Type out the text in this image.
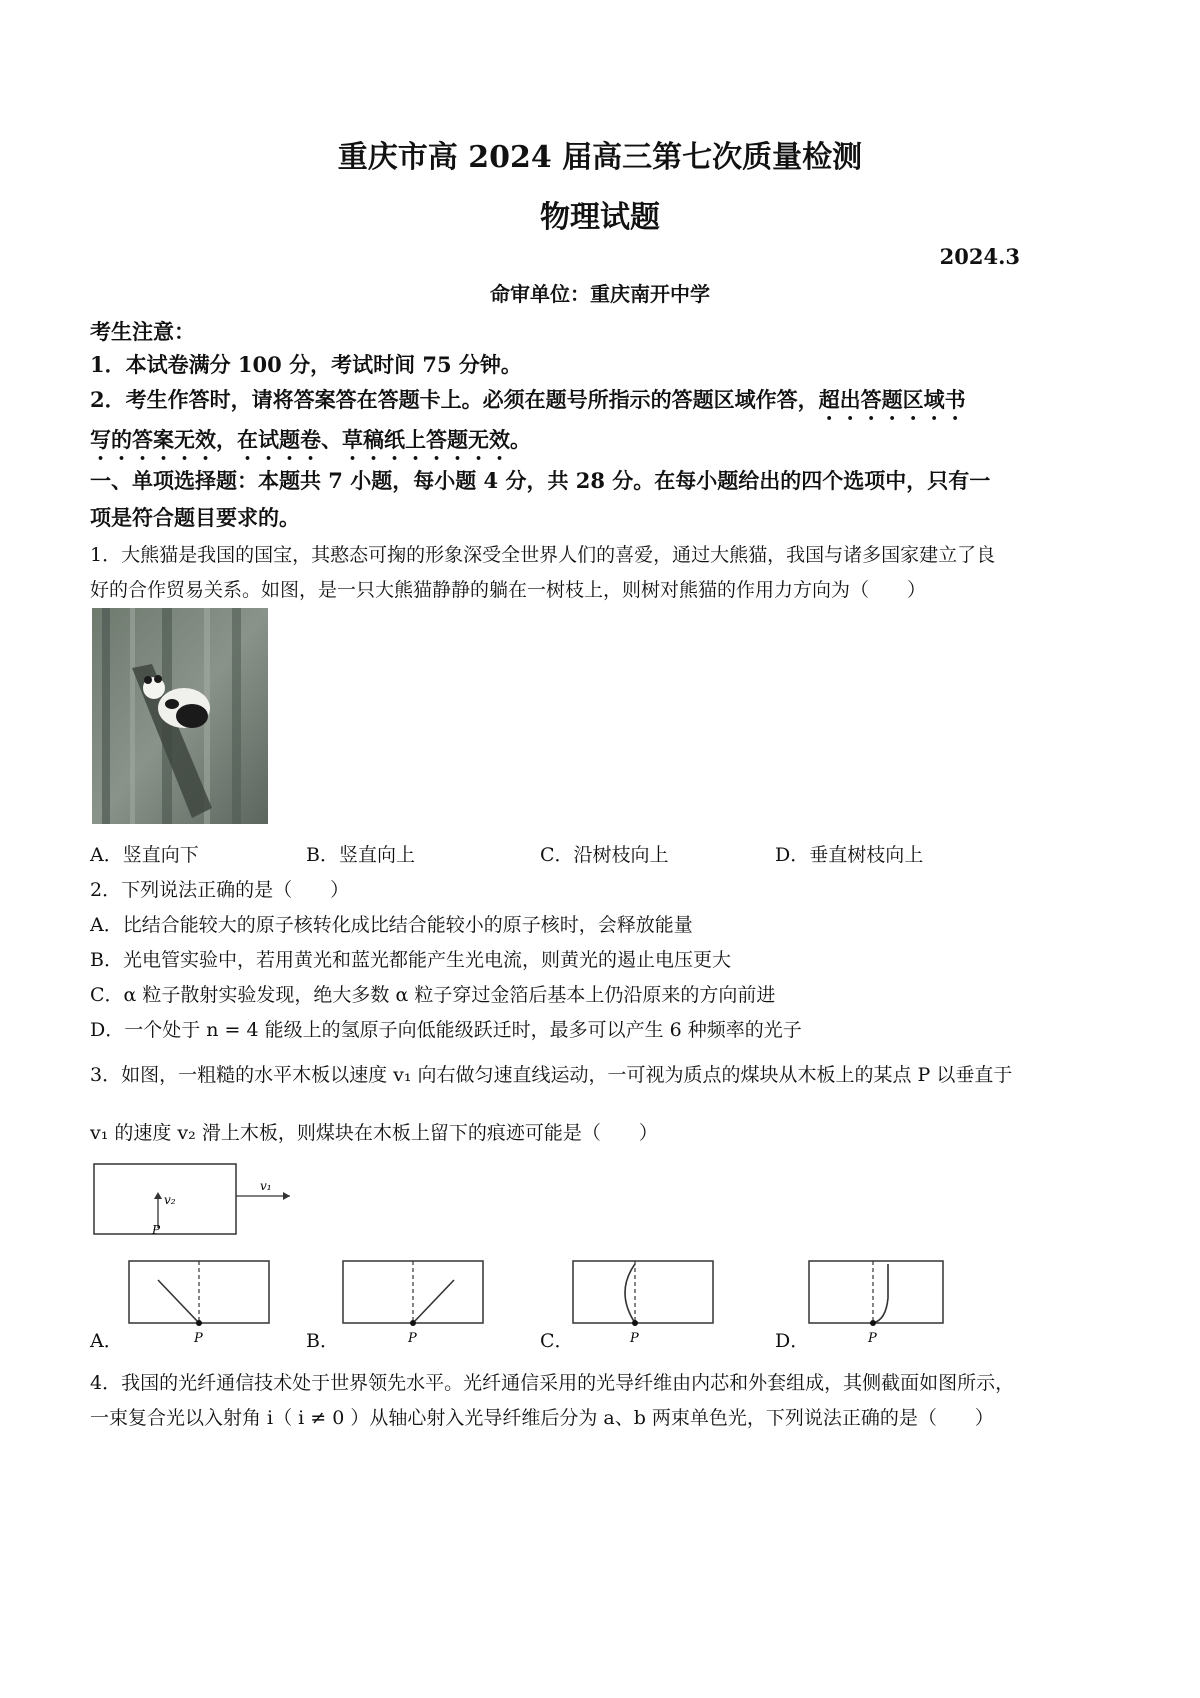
重庆市高 2024 届高三第七次质量检测
物理试题
2024.3
命审单位：重庆南开中学
考生注意：
1．本试卷满分 100 分，考试时间 75 分钟。
2．考生作答时，请将答案答在答题卡上。必须在题号所指示的答题区域作答，超出答题区域书
写的答案无效，在试题卷、草稿纸上答题无效。
一、单项选择题：本题共 7 小题，每小题 4 分，共 28 分。在每小题给出的四个选项中，只有一
项是符合题目要求的。
1．大熊猫是我国的国宝，其憨态可掬的形象深受全世界人们的喜爱，通过大熊猫，我国与诸多国家建立了良
好的合作贸易关系。如图，是一只大熊猫静静的躺在一树枝上，则树对熊猫的作用力方向为（　　）
A．竖直向下	B．竖直向上	C．沿树枝向上	D．垂直树枝向上
2．下列说法正确的是（　　）
A．比结合能较大的原子核转化成比结合能较小的原子核时，会释放能量
B．光电管实验中，若用黄光和蓝光都能产生光电流，则黄光的遏止电压更大
C．α 粒子散射实验发现，绝大多数 α 粒子穿过金箔后基本上仍沿原来的方向前进
D．一个处于 n = 4 能级上的氢原子向低能级跃迁时，最多可以产生 6 种频率的光子
3．如图，一粗糙的水平木板以速度 v₁ 向右做匀速直线运动，一可视为质点的煤块从木板上的某点 P 以垂直于
v₁ 的速度 v₂ 滑上木板，则煤块在木板上留下的痕迹可能是（　　）
v₁
v₂
P
P	P	P	P
A．	B．	C．	D．
4．我国的光纤通信技术处于世界领先水平。光纤通信采用的光导纤维由内芯和外套组成，其侧截面如图所示，
一束复合光以入射角 i（ i ≠ 0 ）从轴心射入光导纤维后分为 a、b 两束单色光，下列说法正确的是（　　）
